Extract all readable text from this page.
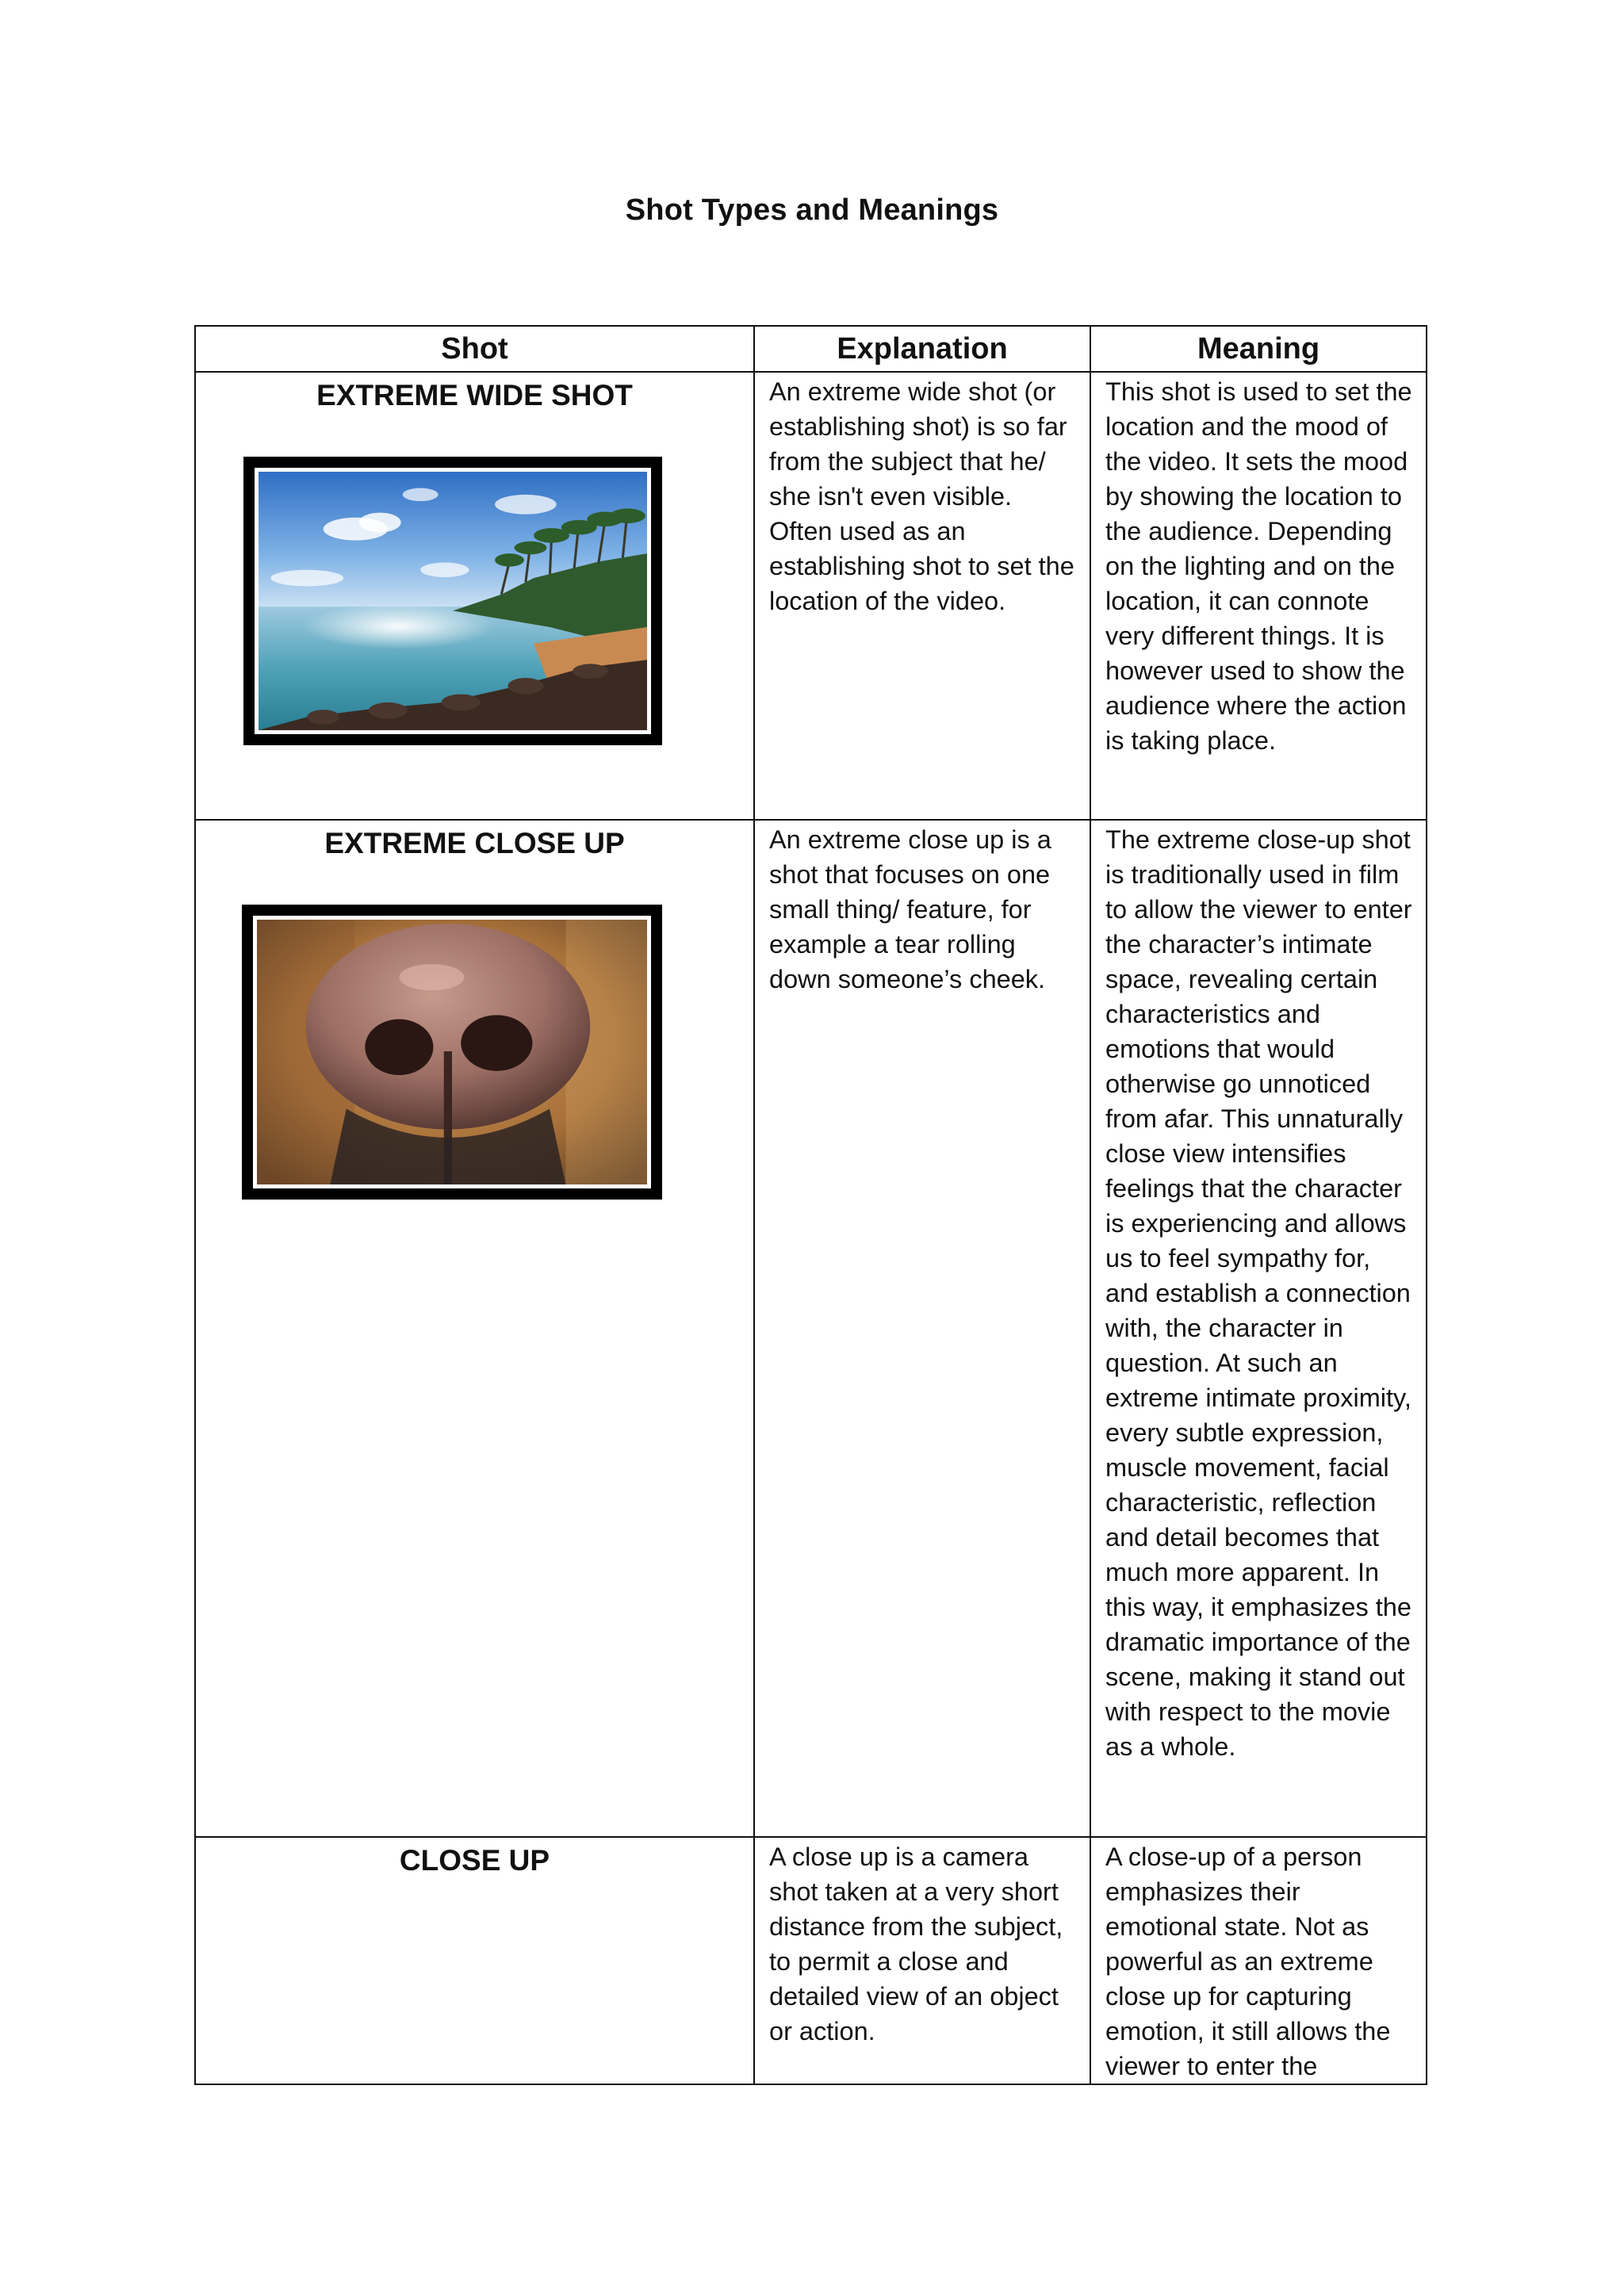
Shot Types and Meanings
Shot	Explanation	Meaning

EXTREME WIDE SHOT	An extreme wide shot (or establishing shot) is so far from the subject that he/ she isn't even visible. Often used as an establishing shot to set the location of the video.	This shot is used to set the location and the mood of the video. It sets the mood by showing the location to the audience. Depending on the lighting and on the location, it can connote very different things. It is however used to show the audience where the action is taking place.

EXTREME CLOSE UP	An extreme close up is a shot that focuses on one small thing/ feature, for example a tear rolling down someone’s cheek.	The extreme close-up shot is traditionally used in film to allow the viewer to enter the character’s intimate space, revealing certain characteristics and emotions that would otherwise go unnoticed from afar. This unnaturally close view intensifies feelings that the character is experiencing and allows us to feel sympathy for, and establish a connection with, the character in question. At such an extreme intimate proximity, every subtle expression, muscle movement, facial characteristic, reflection and detail becomes that much more apparent. In this way, it emphasizes the dramatic importance of the scene, making it stand out with respect to the movie as a whole.

CLOSE UP	A close up is a camera shot taken at a very short distance from the subject, to permit a close and detailed view of an object or action.	A close-up of a person emphasizes their emotional state. Not as powerful as an extreme close up for capturing emotion, it still allows the viewer to enter the
